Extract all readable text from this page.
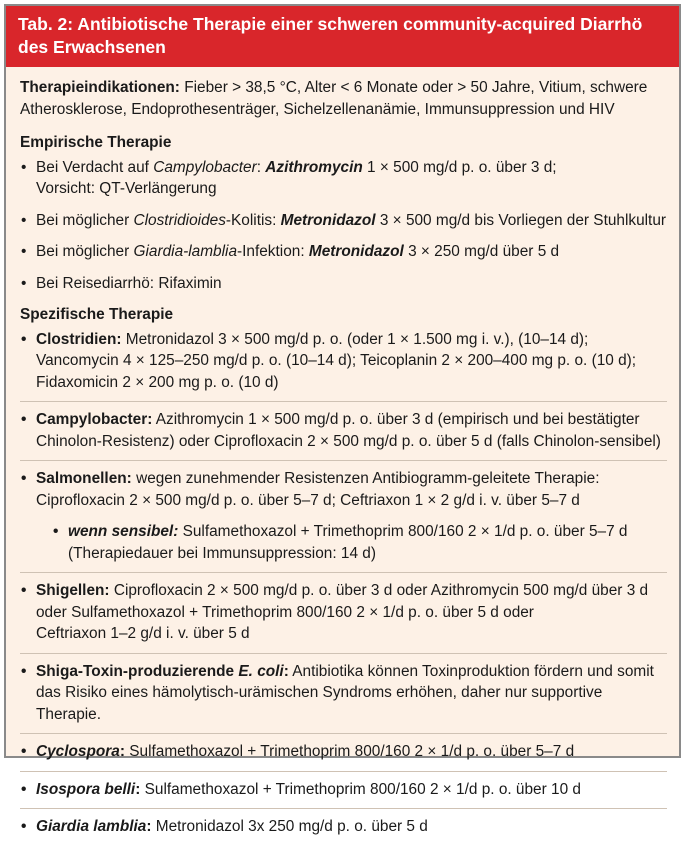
Tab. 2: Antibiotische Therapie einer schweren community-acquired Diarrhö des Erwachsenen
Therapieindikationen: Fieber > 38,5 °C, Alter < 6 Monate oder > 50 Jahre, Vitium, schwere Atherosklerose, Endoprothesenträger, Sichelzellenanämie, Immunsuppression und HIV
Empirische Therapie
• Bei Verdacht auf Campylobacter: Azithromycin 1 × 500 mg/d p. o. über 3 d;
Vorsicht: QT-Verlängerung
• Bei möglicher Clostridioides-Kolitis: Metronidazol 3 × 500 mg/d bis Vorliegen der Stuhlkultur
• Bei möglicher Giardia-lamblia-Infektion: Metronidazol 3 × 250 mg/d über 5 d
• Bei Reisediarrhö: Rifaximin
Spezifische Therapie
• Clostridien: Metronidazol 3 × 500 mg/d p. o. (oder 1 × 1.500 mg i. v.), (10–14 d);
Vancomycin 4 × 125–250 mg/d p. o. (10–14 d); Teicoplanin 2 × 200–400 mg p. o. (10 d);
Fidaxomicin 2 × 200 mg p. o. (10 d)
• Campylobacter: Azithromycin 1 × 500 mg/d p. o. über 3 d (empirisch und bei bestätigter
Chinolon-Resistenz) oder Ciprofloxacin 2 × 500 mg/d p. o. über 5 d (falls Chinolon-sensibel)
• Salmonellen: wegen zunehmender Resistenzen Antibiogramm-geleitete Therapie:
Ciprofloxacin 2 × 500 mg/d p. o. über 5–7 d; Ceftriaxon 1 × 2 g/d i. v. über 5–7 d
• wenn sensibel: Sulfamethoxazol + Trimethoprim 800/160 2 × 1/d p. o. über 5–7 d
(Therapiedauer bei Immunsuppression: 14 d)
• Shigellen: Ciprofloxacin 2 × 500 mg/d p. o. über 3 d oder Azithromycin 500 mg/d über 3 d
oder Sulfamethoxazol + Trimethoprim 800/160 2 × 1/d p. o. über 5 d oder
Ceftriaxon 1–2 g/d i. v. über 5 d
• Shiga-Toxin-produzierende E. coli: Antibiotika können Toxinproduktion fördern und somit
das Risiko eines hämolytisch-urämischen Syndroms erhöhen, daher nur supportive Therapie.
• Cyclospora: Sulfamethoxazol + Trimethoprim 800/160 2 × 1/d p. o. über 5–7 d
• Isospora belli: Sulfamethoxazol + Trimethoprim 800/160 2 × 1/d p. o. über 10 d
• Giardia lamblia: Metronidazol 3x 250 mg/d p. o. über 5 d
